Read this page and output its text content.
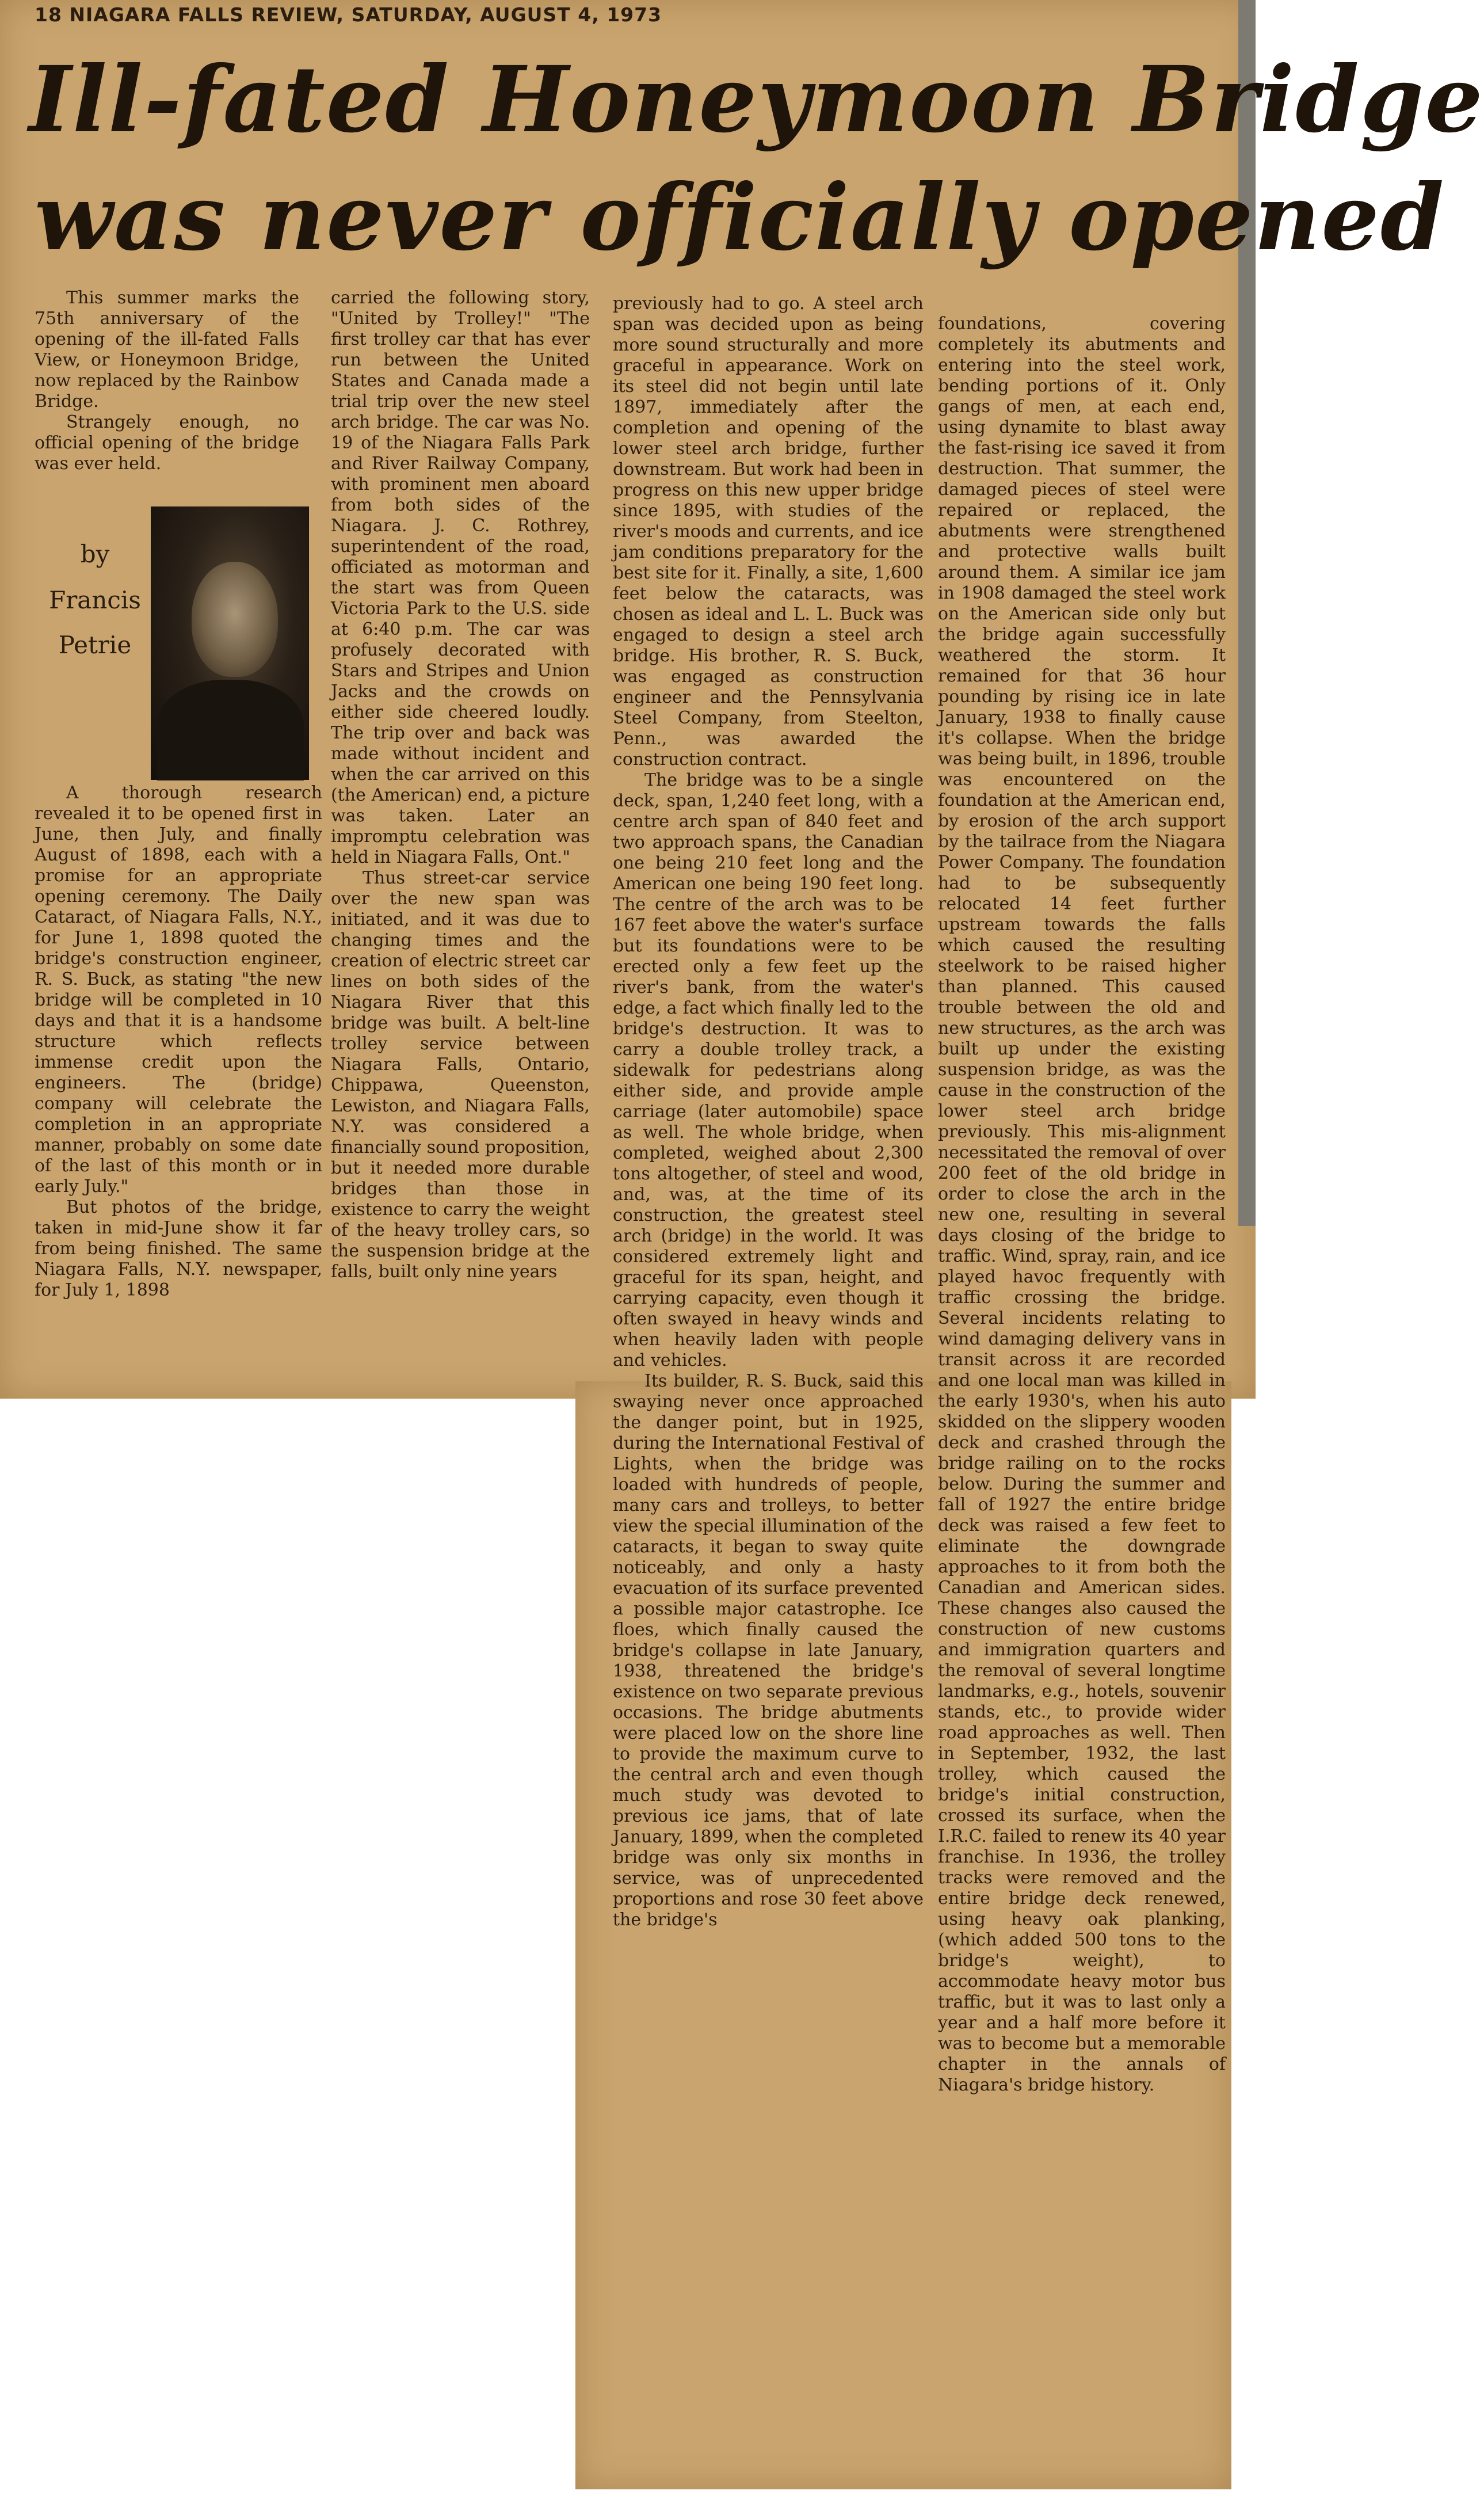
18 NIAGARA FALLS REVIEW, SATURDAY, AUGUST 4, 1973
Ill-fated Honeymoon Bridge
was never officially opened

This summer marks the 75th anniversary of the opening of the ill-fated Falls View, or Honeymoon Bridge, now replaced by the Rainbow Bridge.

Strangely enough, no official opening of the bridge was ever held.

by
Francis
Petrie

A thorough research revealed it to be opened first in June, then July, and finally August of 1898, each with a promise for an appropriate opening ceremony. The Daily Cataract, of Niagara Falls, N.Y., for June 1, 1898 quoted the bridge's construction engineer, R. S. Buck, as stating "the new bridge will be completed in 10 days and that it is a handsome structure which reflects immense credit upon the engineers. The (bridge) company will celebrate the completion in an appropriate manner, probably on some date of the last of this month or in early July."

But photos of the bridge, taken in mid-June show it far from being finished. The same Niagara Falls, N.Y. newspaper, for July 1, 1898

carried the following story, "United by Trolley!" "The first trolley car that has ever run between the United States and Canada made a trial trip over the new steel arch bridge. The car was No. 19 of the Niagara Falls Park and River Railway Company, with prominent men aboard from both sides of the Niagara. J. C. Rothrey, superintendent of the road, officiated as motorman and the start was from Queen Victoria Park to the U.S. side at 6:40 p.m. The car was profusely decorated with Stars and Stripes and Union Jacks and the crowds on either side cheered loudly. The trip over and back was made without incident and when the car arrived on this (the American) end, a picture was taken. Later an impromptu celebration was held in Niagara Falls, Ont."

Thus street-car service over the new span was initiated, and it was due to changing times and the creation of electric street car lines on both sides of the Niagara River that this bridge was built. A belt-line trolley service between Niagara Falls, Ontario, Chippawa, Queenston, Lewiston, and Niagara Falls, N.Y. was considered a financially sound proposition, but it needed more durable bridges than those in existence to carry the weight of the heavy trolley cars, so the suspension bridge at the falls, built only nine years

previously had to go. A steel arch span was decided upon as being more sound structurally and more graceful in appearance. Work on its steel did not begin until late 1897, immediately after the completion and opening of the lower steel arch bridge, further downstream. But work had been in progress on this new upper bridge since 1895, with studies of the river's moods and currents, and ice jam conditions preparatory for the best site for it. Finally, a site, 1,600 feet below the cataracts, was chosen as ideal and L. L. Buck was engaged to design a steel arch bridge. His brother, R. S. Buck, was engaged as construction engineer and the Pennsylvania Steel Company, from Steelton, Penn., was awarded the construction contract.

The bridge was to be a single deck, span, 1,240 feet long, with a centre arch span of 840 feet and two approach spans, the Canadian one being 210 feet long and the American one being 190 feet long. The centre of the arch was to be 167 feet above the water's surface but its foundations were to be erected only a few feet up the river's bank, from the water's edge, a fact which finally led to the bridge's destruction. It was to carry a double trolley track, a sidewalk for pedestrians along either side, and provide ample carriage (later automobile) space as well. The whole bridge, when completed, weighed about 2,300 tons altogether, of steel and wood, and, was, at the time of its construction, the greatest steel arch (bridge) in the world. It was considered extremely light and graceful for its span, height, and carrying capacity, even though it often swayed in heavy winds and when heavily laden with people and vehicles.

Its builder, R. S. Buck, said this swaying never once approached the danger point, but in 1925, during the International Festival of Lights, when the bridge was loaded with hundreds of people, many cars and trolleys, to better view the special illumination of the cataracts, it began to sway quite noticeably, and only a hasty evacuation of its surface prevented a possible major catastrophe. Ice floes, which finally caused the bridge's collapse in late January, 1938, threatened the bridge's existence on two separate previous occasions. The bridge abutments were placed low on the shore line to provide the maximum curve to the central arch and even though much study was devoted to previous ice jams, that of late January, 1899, when the completed bridge was only six months in service, was of unprecedented proportions and rose 30 feet above the bridge's

foundations, covering completely its abutments and entering into the steel work, bending portions of it. Only gangs of men, at each end, using dynamite to blast away the fast-rising ice saved it from destruction. That summer, the damaged pieces of steel were repaired or replaced, the abutments were strengthened and protective walls built around them. A similar ice jam in 1908 damaged the steel work on the American side only but the bridge again successfully weathered the storm. It remained for that 36 hour pounding by rising ice in late January, 1938 to finally cause it's collapse. When the bridge was being built, in 1896, trouble was encountered on the foundation at the American end, by erosion of the arch support by the tailrace from the Niagara Power Company. The foundation had to be subsequently relocated 14 feet further upstream towards the falls which caused the resulting steelwork to be raised higher than planned. This caused trouble between the old and new structures, as the arch was built up under the existing suspension bridge, as was the cause in the construction of the lower steel arch bridge previously. This mis-alignment necessitated the removal of over 200 feet of the old bridge in order to close the arch in the new one, resulting in several days closing of the bridge to traffic. Wind, spray, rain, and ice played havoc frequently with traffic crossing the bridge. Several incidents relating to wind damaging delivery vans in transit across it are recorded and one local man was killed in the early 1930's, when his auto skidded on the slippery wooden deck and crashed through the bridge railing on to the rocks below. During the summer and fall of 1927 the entire bridge deck was raised a few feet to eliminate the downgrade approaches to it from both the Canadian and American sides. These changes also caused the construction of new customs and immigration quarters and the removal of several longtime landmarks, e.g., hotels, souvenir stands, etc., to provide wider road approaches as well. Then in September, 1932, the last trolley, which caused the bridge's initial construction, crossed its surface, when the I.R.C. failed to renew its 40 year franchise. In 1936, the trolley tracks were removed and the entire bridge deck renewed, using heavy oak planking, (which added 500 tons to the bridge's weight), to accommodate heavy motor bus traffic, but it was to last only a year and a half more before it was to become but a memorable chapter in the annals of Niagara's bridge history.
